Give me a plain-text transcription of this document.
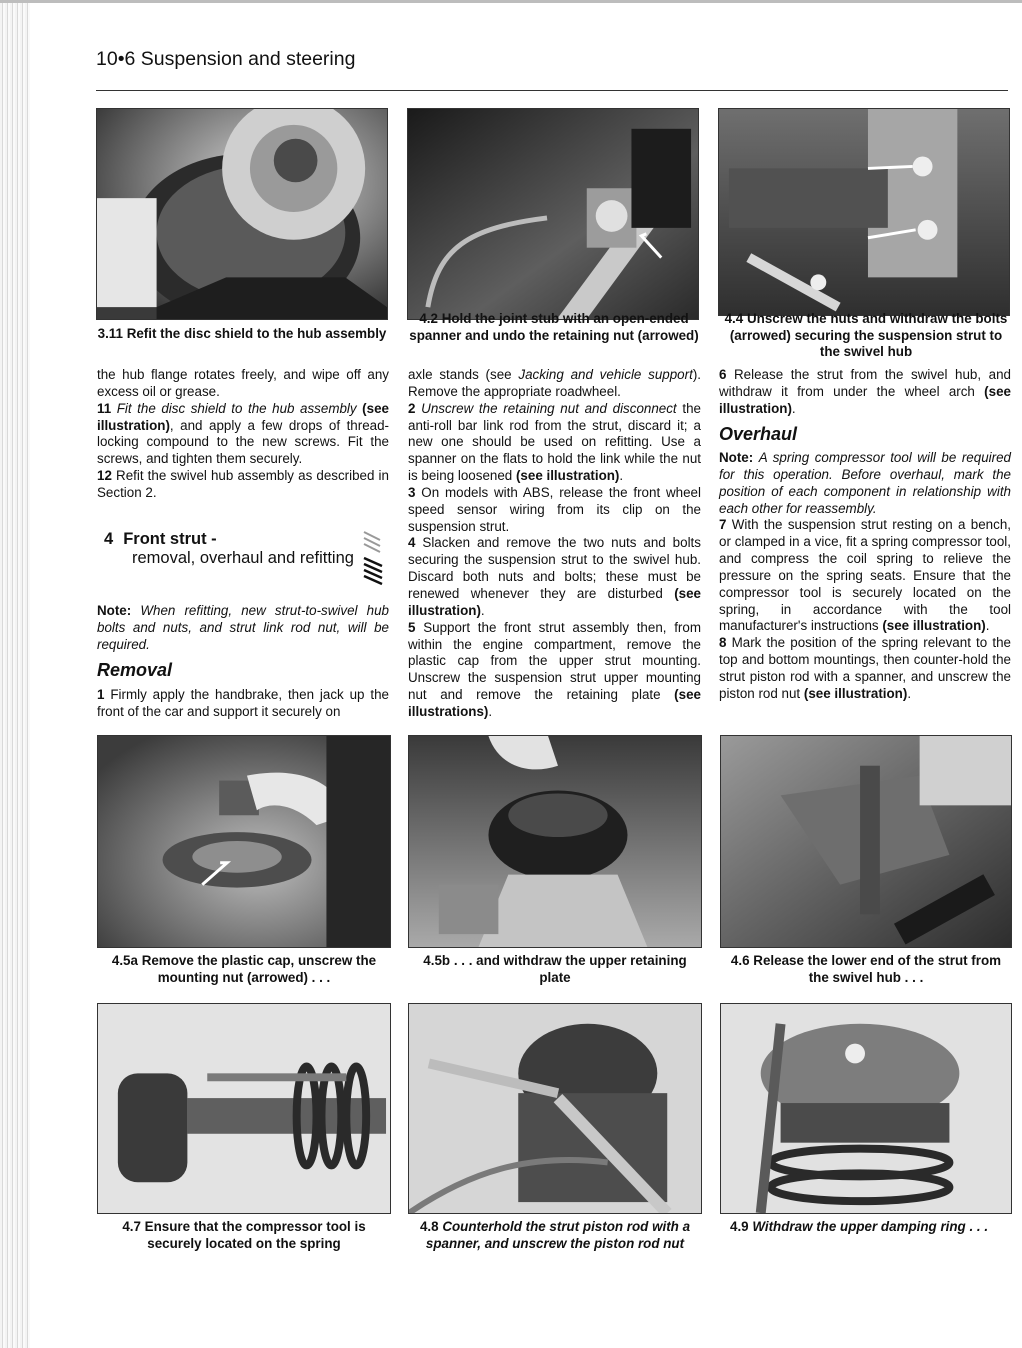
10•6 Suspension and steering
3.11 Refit the disc shield to the hub assembly
4.2 Hold the joint stub with an open-ended spanner and undo the retaining nut (arrowed)
4.4 Unscrew the nuts and withdraw the bolts (arrowed) securing the suspension strut to the swivel hub

the hub flange rotates freely, and wipe off any excess oil or grease.

11 Fit the disc shield to the hub assembly (see illustration), and apply a few drops of thread-locking compound to the new screws. Fit the screws, and tighten them securely.

12 Refit the swivel hub assembly as described in Section 2.

4 Front strut -
removal, overhaul and refitting

Note: When refitting, new strut-to-swivel hub bolts and nuts, and strut link rod nut, will be required.

Removal

1 Firmly apply the handbrake, then jack up the front of the car and support it securely on

axle stands (see Jacking and vehicle support). Remove the appropriate roadwheel.

2 Unscrew the retaining nut and disconnect the anti-roll bar link rod from the strut, discard it; a new one should be used on refitting. Use a spanner on the flats to hold the link while the nut is being loosened (see illustration).

3 On models with ABS, release the front wheel speed sensor wiring from its clip on the suspension strut.

4 Slacken and remove the two nuts and bolts securing the suspension strut to the swivel hub. Discard both nuts and bolts; these must be renewed whenever they are disturbed (see illustration).

5 Support the front strut assembly then, from within the engine compartment, remove the plastic cap from the upper strut mounting. Unscrew the suspension strut upper mounting nut and remove the retaining plate (see illustrations).

6 Release the strut from the swivel hub, and withdraw it from under the wheel arch (see illustration).

Overhaul

Note: A spring compressor tool will be required for this operation. Before overhaul, mark the position of each component in relationship with each other for reassembly.

7 With the suspension strut resting on a bench, or clamped in a vice, fit a spring compressor tool, and compress the coil spring to relieve the pressure on the spring seats. Ensure that the compressor tool is securely located on the spring, in accordance with the tool manufacturer's instructions (see illustration).

8 Mark the position of the spring relevant to the top and bottom mountings, then counter-hold the strut piston rod with a spanner, and unscrew the piston rod nut (see illustration).

4.5a Remove the plastic cap, unscrew the mounting nut (arrowed) . . .
4.5b . . . and withdraw the upper retaining plate
4.6 Release the lower end of the strut from the swivel hub . . .
4.7 Ensure that the compressor tool is securely located on the spring
4.8 Counterhold the strut piston rod with a spanner, and unscrew the piston rod nut
4.9 Withdraw the upper damping ring . . .
